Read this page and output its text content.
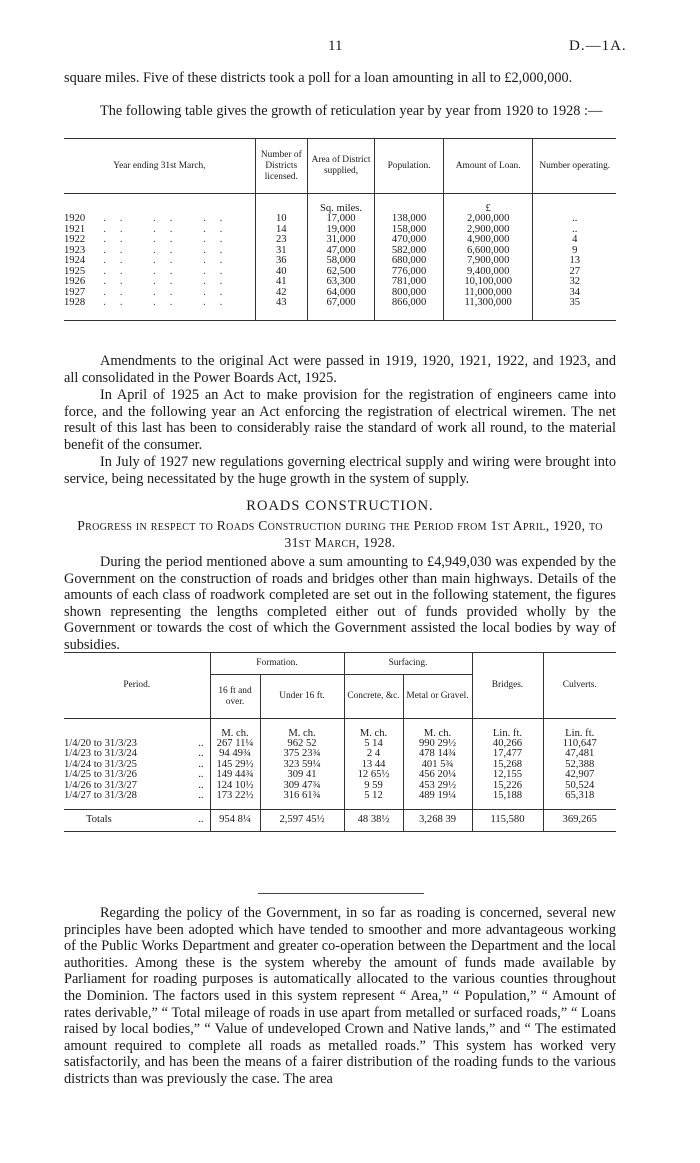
11	D.—1A.

square miles. Five of these districts took a poll for a loan amounting in all to £2,000,000.

The following table gives the growth of reticulation year by year from 1920 to 1928 :—

Year ending 31st March,	Number of Districts licensed.	Area of District supplied,	Population.	Amount of Loan.	Number operating.

		Sq. miles.		£	
1920 .. .. ..	10	17,000	138,000	2,000,000	..
1921 .. .. ..	14	19,000	158,000	2,900,000	..
1922 .. .. ..	23	31,000	470,000	4,900,000	4
1923 .. .. ..	31	47,000	582,000	6,600,000	9
1924 .. .. ..	36	58,000	680,000	7,900,000	13
1925 .. .. ..	40	62,500	776,000	9,400,000	27
1926 .. .. ..	41	63,300	781,000	10,100,000	32
1927 .. .. ..	42	64,000	800,000	11,000,000	34
1928 .. .. ..	43	67,000	866,000	11,300,000	35

Amendments to the original Act were passed in 1919, 1920, 1921, 1922, and 1923, and all consolidated in the Power Boards Act, 1925.

In April of 1925 an Act to make provision for the registration of engineers came into force, and the following year an Act enforcing the registration of electrical wiremen. The net result of this last has been to considerably raise the standard of work all round, to the material benefit of the consumer.

In July of 1927 new regulations governing electrical supply and wiring were brought into service, being necessitated by the huge growth in the system of supply.

ROADS CONSTRUCTION.
Progress in respect to Roads Construction during the Period from 1st April, 1920, to 31st March, 1928.

During the period mentioned above a sum amounting to £4,949,030 was expended by the Government on the construction of roads and bridges other than main highways. Details of the amounts of each class of roadwork completed are set out in the following statement, the figures shown representing the lengths completed either out of funds provided wholly by the Government or towards the cost of which the Government assisted the local bodies by way of subsidies.

Period.	Formation.		Surfacing.		Bridges.	Culverts.
	16 ft and over.	Under 16 ft.	Concrete, &c.	Metal or Gravel.		

	M. ch.	M. ch.	M. ch.	M. ch.	Lin. ft.	Lin. ft.
1/4/20 to 31/3/23 ..	267 11¼	962 52	5 14	990 29½	40,266	110,647
1/4/23 to 31/3/24 ..	94 49¾	375 23¾	2 4	478 14¾	17,477	47,481
1/4/24 to 31/3/25 ..	145 29½	323 59¼	13 44	401 5¾	15,268	52,388
1/4/25 to 31/3/26 ..	149 44¾	309 41	12 65½	456 20¼	12,155	42,907
1/4/26 to 31/3/27 ..	124 10½	309 47¾	9 59	453 29½	15,226	50,524
1/4/27 to 31/3/28 ..	173 22½	316 61¾	5 12	489 19¼	15,188	65,318

Totals ..	954 8¼	2,597 45½	48 38½	3,268 39	115,580	369,265

Regarding the policy of the Government, in so far as roading is concerned, several new principles have been adopted which have tended to smoother and more advantageous working of the Public Works Department and greater co-operation between the Department and the local authorities. Among these is the system whereby the amount of funds made available by Parliament for roading purposes is automatically allocated to the various counties throughout the Dominion. The factors used in this system represent “ Area,” “ Population,” “ Amount of rates derivable,” “ Total mileage of roads in use apart from metalled or surfaced roads,” “ Loans raised by local bodies,” “ Value of undeveloped Crown and Native lands,” and “ The estimated amount required to complete all roads as metalled roads.” This system has worked very satisfactorily, and has been the means of a fairer distribution of the roading funds to the various districts than was previously the case. The area
